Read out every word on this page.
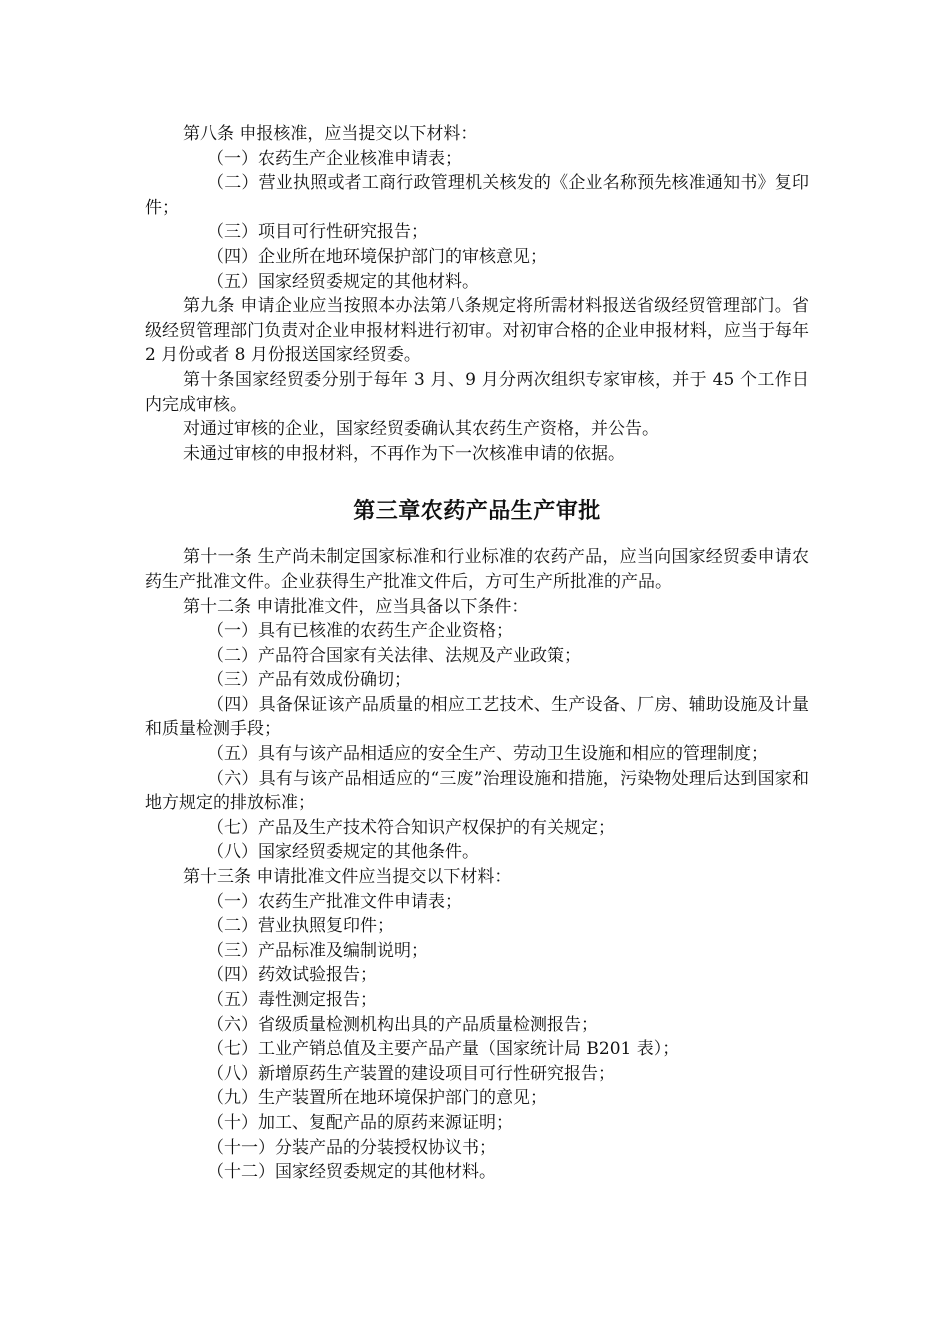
第八条 申报核准，应当提交以下材料：

（一）农药生产企业核准申请表；

（二）营业执照或者工商行政管理机关核发的《企业名称预先核准通知书》复印件；

（三）项目可行性研究报告；

（四）企业所在地环境保护部门的审核意见；

（五）国家经贸委规定的其他材料。

第九条 申请企业应当按照本办法第八条规定将所需材料报送省级经贸管理部门。省级经贸管理部门负责对企业申报材料进行初审。对初审合格的企业申报材料，应当于每年 2 月份或者 8 月份报送国家经贸委。

第十条国家经贸委分别于每年 3 月、9 月分两次组织专家审核，并于 45 个工作日内完成审核。

对通过审核的企业，国家经贸委确认其农药生产资格，并公告。

未通过审核的申报材料，不再作为下一次核准申请的依据。

第三章农药产品生产审批

第十一条 生产尚未制定国家标准和行业标准的农药产品，应当向国家经贸委申请农药生产批准文件。企业获得生产批准文件后，方可生产所批准的产品。

第十二条 申请批准文件，应当具备以下条件：

（一）具有已核准的农药生产企业资格；

（二）产品符合国家有关法律、法规及产业政策；

（三）产品有效成份确切；

（四）具备保证该产品质量的相应工艺技术、生产设备、厂房、辅助设施及计量和质量检测手段；

（五）具有与该产品相适应的安全生产、劳动卫生设施和相应的管理制度；

（六）具有与该产品相适应的“三废”治理设施和措施，污染物处理后达到国家和地方规定的排放标准；

（七）产品及生产技术符合知识产权保护的有关规定；

（八）国家经贸委规定的其他条件。

第十三条 申请批准文件应当提交以下材料：

（一）农药生产批准文件申请表；

（二）营业执照复印件；

（三）产品标准及编制说明；

（四）药效试验报告；

（五）毒性测定报告；

（六）省级质量检测机构出具的产品质量检测报告；

（七）工业产销总值及主要产品产量（国家统计局 B201 表）；

（八）新增原药生产装置的建设项目可行性研究报告；

（九）生产装置所在地环境保护部门的意见；

（十）加工、复配产品的原药来源证明；

（十一）分装产品的分装授权协议书；

（十二）国家经贸委规定的其他材料。
